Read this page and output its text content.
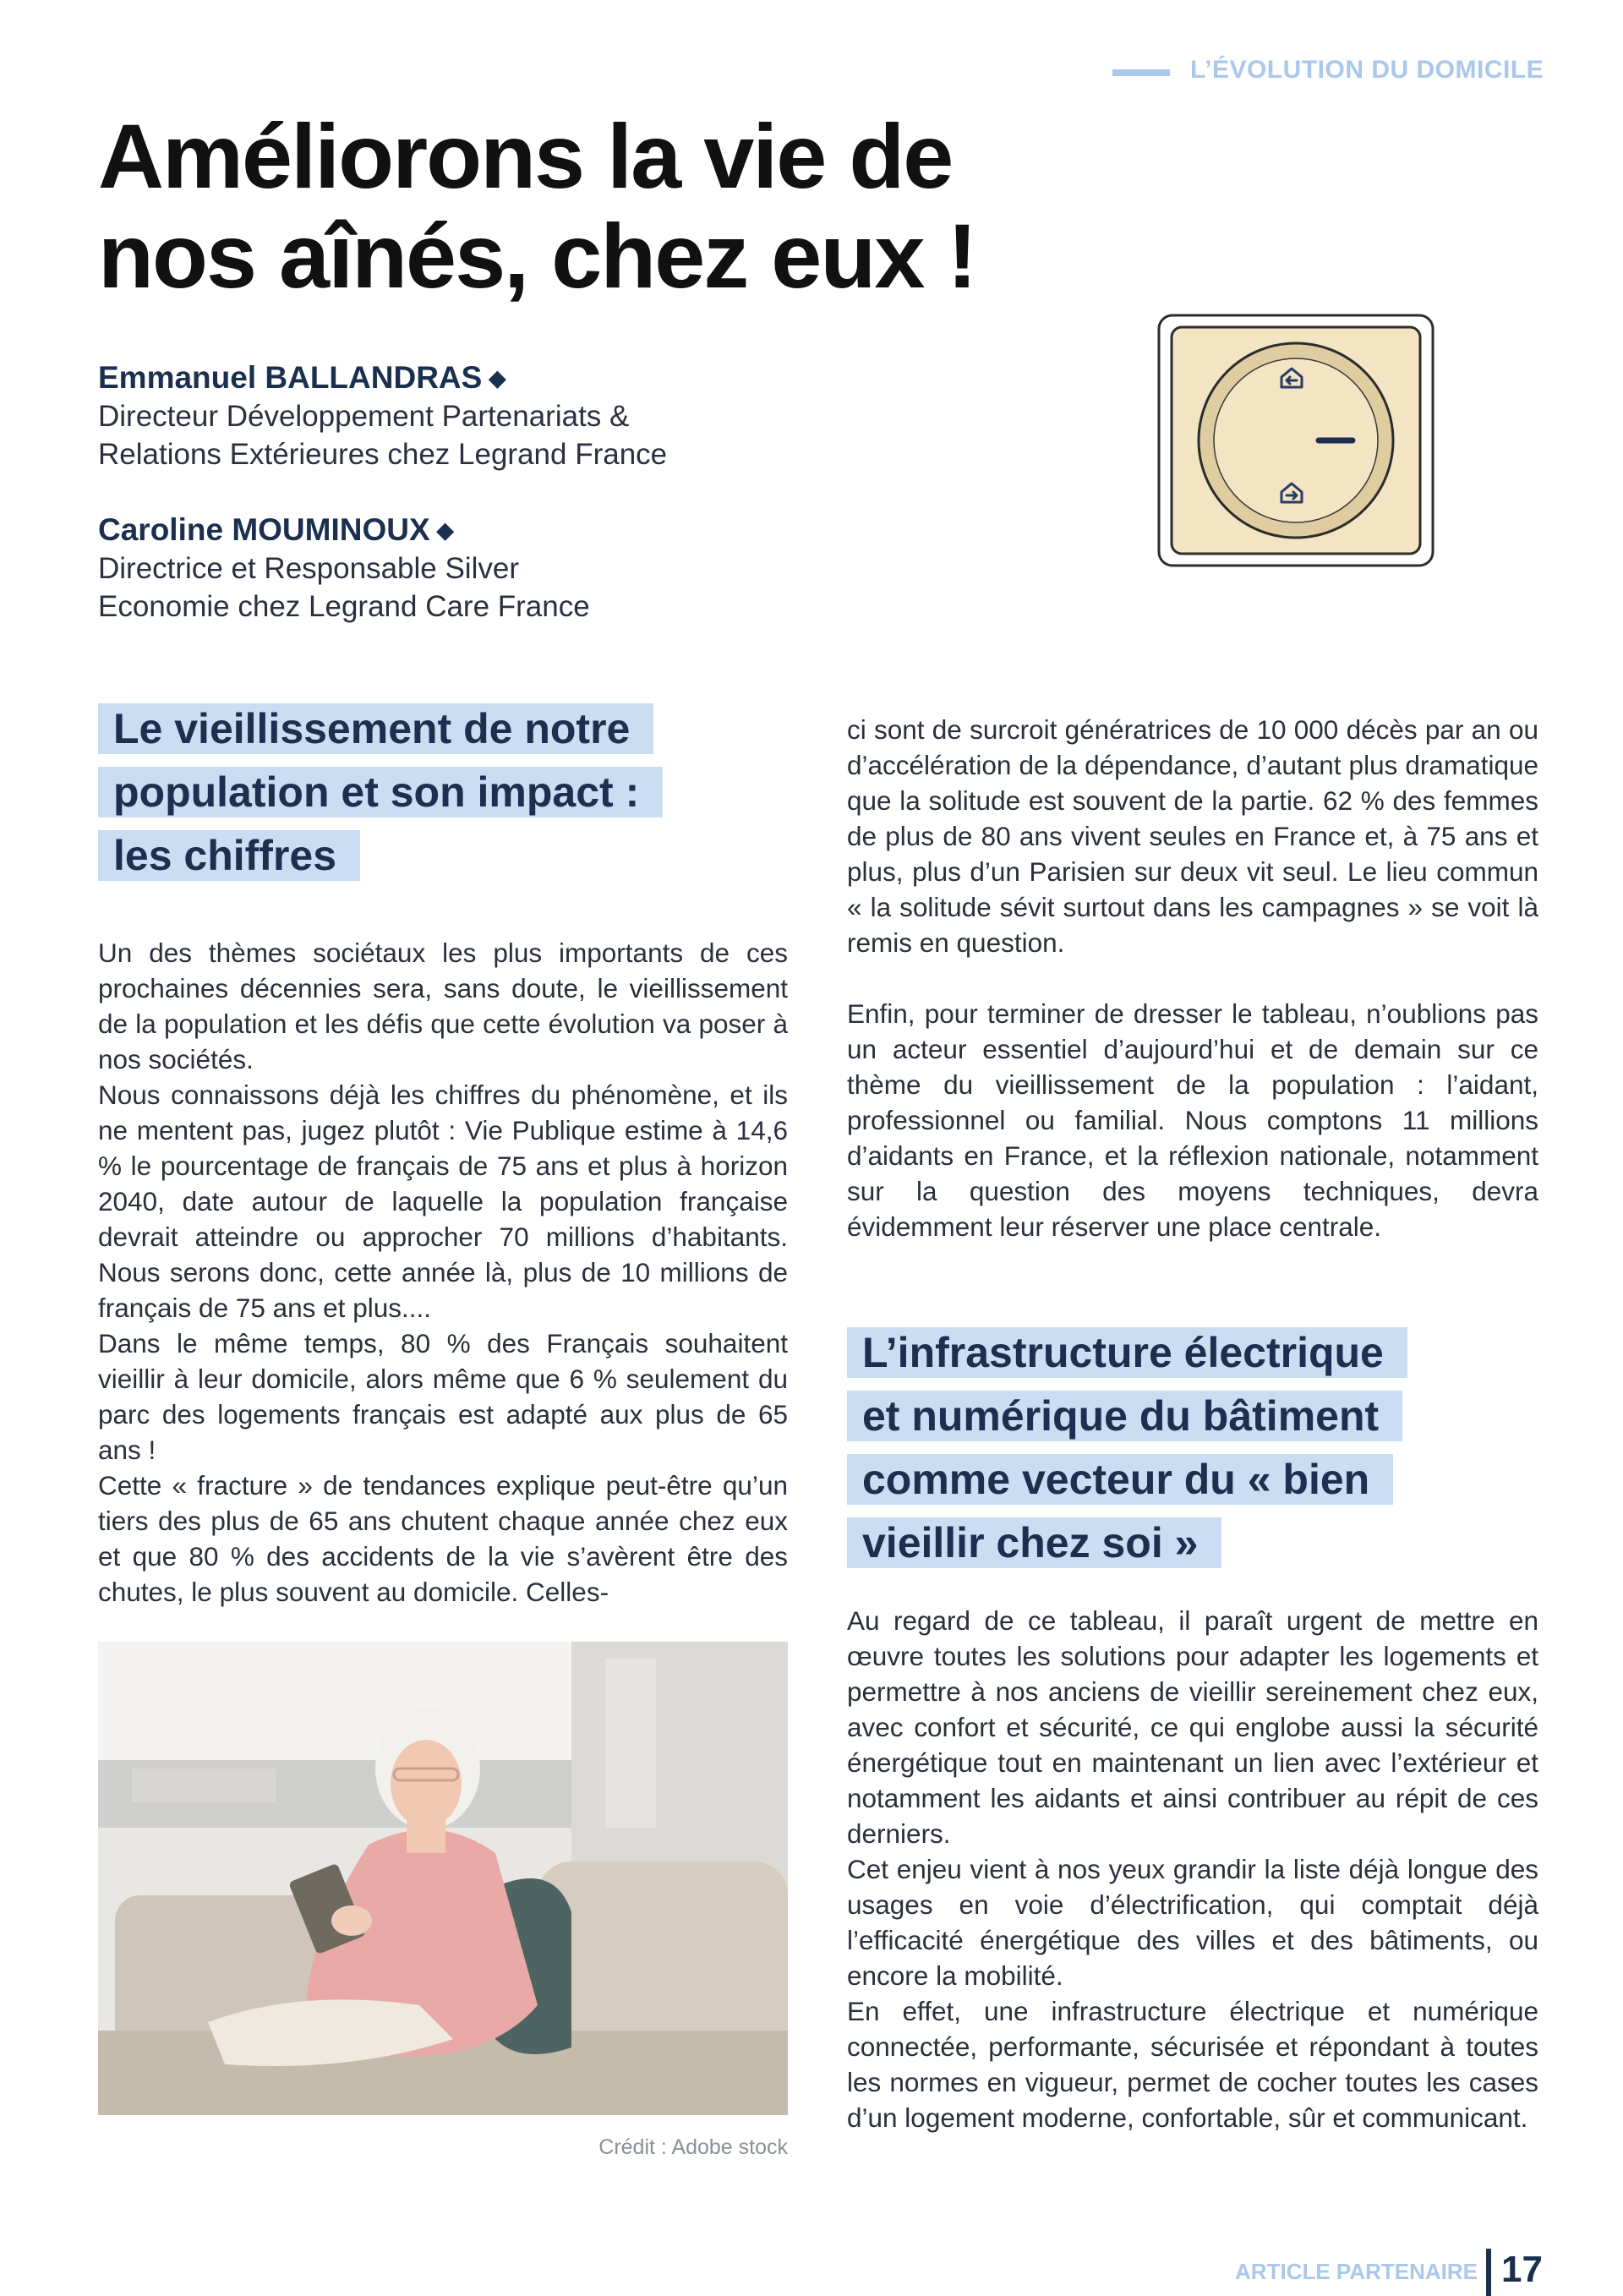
L’ÉVOLUTION DU DOMICILE
Améliorons la vie de
nos aînés, chez eux !
Emmanuel BALLANDRAS ◆
Directeur Développement Partenariats &
Relations Extérieures chez Legrand France
Caroline MOUMINOUX ◆
Directrice et Responsable Silver
Economie chez Legrand Care France
Le vieillissement de notre
population et son impact :
les chiffres

Un des thèmes sociétaux les plus importants de ces prochaines décennies sera, sans doute, le vieillissement de la population et les défis que cette évolution va poser à nos sociétés.

Nous connaissons déjà les chiffres du phénomène, et ils ne mentent pas, jugez plutôt : Vie Publique estime à 14,6 % le pourcentage de français de 75 ans et plus à horizon 2040, date autour de laquelle la population française devrait atteindre ou approcher 70 millions d’habitants. Nous serons donc, cette année là, plus de 10 millions de français de 75 ans et plus....

Dans le même temps, 80 % des Français souhaitent vieillir à leur domicile, alors même que 6 % seulement du parc des logements français est adapté aux plus de 65 ans !

Cette « fracture » de tendances explique peut-être qu’un tiers des plus de 65 ans chutent chaque année chez eux et que 80 % des accidents de la vie s’avèrent être des chutes, le plus souvent au domicile. Celles-

Crédit : Adobe stock

ci sont de surcroit génératrices de 10 000 décès par an ou d’accélération de la dépendance, d’autant plus dramatique que la solitude est souvent de la partie. 62 % des femmes de plus de 80 ans vivent seules en France et, à 75 ans et plus, plus d’un Parisien sur deux vit seul. Le lieu commun « la solitude sévit surtout dans les campagnes » se voit là remis en question.

Enfin, pour terminer de dresser le tableau, n’oublions pas un acteur essentiel d’aujourd’hui et de demain sur ce thème du vieillissement de la population : l’aidant, professionnel ou familial. Nous comptons 11 millions d’aidants en France, et la réflexion nationale, notamment sur la question des moyens techniques, devra évidemment leur réserver une place centrale.

L’infrastructure électrique
et numérique du bâtiment
comme vecteur du « bien
vieillir chez soi »

Au regard de ce tableau, il paraît urgent de mettre en œuvre toutes les solutions pour adapter les logements et permettre à nos anciens de vieillir sereinement chez eux, avec confort et sécurité, ce qui englobe aussi la sécurité énergétique tout en maintenant un lien avec l’extérieur et notamment les aidants et ainsi contribuer au répit de ces derniers.

Cet enjeu vient à nos yeux grandir la liste déjà longue des usages en voie d’électrification, qui comptait déjà l’efficacité énergétique des villes et des bâtiments, ou encore la mobilité.

En effet, une infrastructure électrique et numérique connectée, performante, sécurisée et répondant à toutes les normes en vigueur, permet de cocher toutes les cases d’un logement moderne, confortable, sûr et communicant.

ARTICLE PARTENAIRE 17
